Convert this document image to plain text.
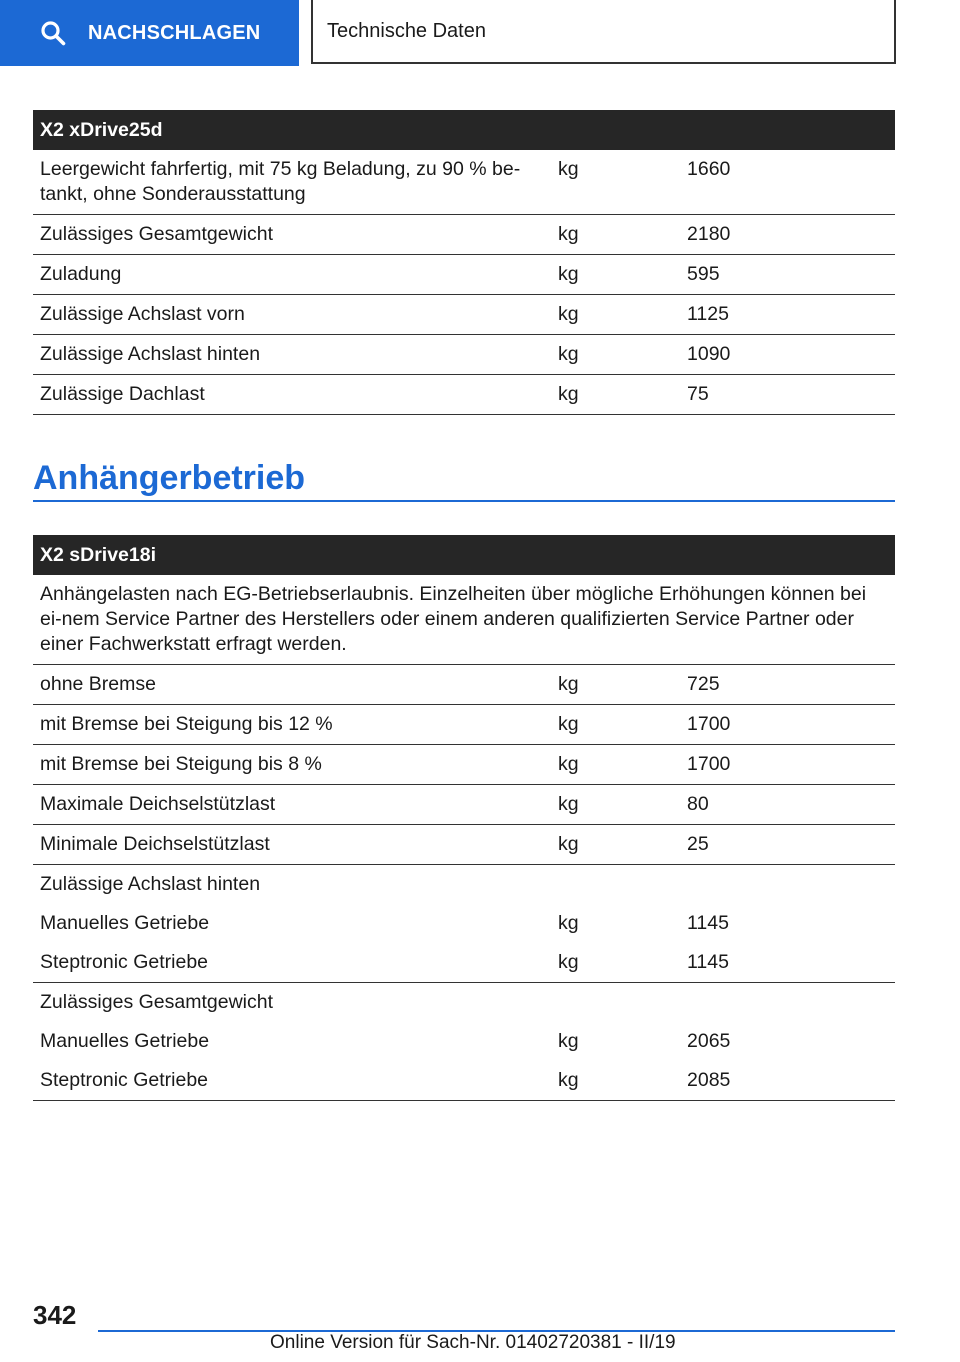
NACHSCHLAGEN	Technische Daten
X2 xDrive25d		
Leergewicht fahrfertig, mit 75 kg Beladung, zu 90 % be-tankt, ohne Sonderausstattung	kg	1660
Zulässiges Gesamtgewicht	kg	2180
Zuladung	kg	595
Zulässige Achslast vorn	kg	1125
Zulässige Achslast hinten	kg	1090
Zulässige Dachlast	kg	75
Anhängerbetrieb
X2 sDrive18i		
Anhängelasten nach EG-Betriebserlaubnis. Einzelheiten über mögliche Erhöhungen können bei ei-nem Service Partner des Herstellers oder einem anderen qualifizierten Service Partner oder einer Fachwerkstatt erfragt werden.		
ohne Bremse	kg	725
mit Bremse bei Steigung bis 12 %	kg	1700
mit Bremse bei Steigung bis 8 %	kg	1700
Maximale Deichselstützlast	kg	80
Minimale Deichselstützlast	kg	25
Zulässige Achslast hinten		
Manuelles Getriebe	kg	1145
Steptronic Getriebe	kg	1145
Zulässiges Gesamtgewicht		
Manuelles Getriebe	kg	2065
Steptronic Getriebe	kg	2085
342
Online Version für Sach-Nr. 01402720381 - II/19
